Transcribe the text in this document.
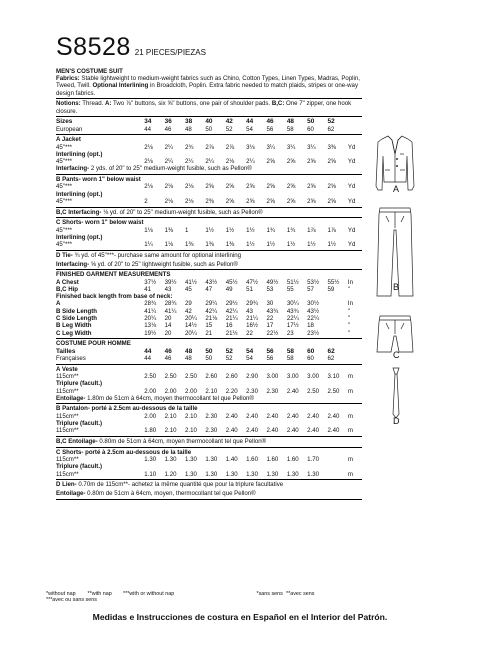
S8528 21 PIECES/PIEZAS
MEN'S COSTUME SUIT
Fabrics: Stable lightweight to medium-weight fabrics such as Chino, Cotton Types, Linen Types, Madras, Poplin, Tweed, Twill. Optional Interlining in Broadcloth, Poplin. Extra fabric needed to match plaids, stripes or one-way design fabrics.
Notions: Thread. A: Two ⅞" buttons, six ⅝" buttons, one pair of shoulder pads. B,C: One 7" zipper, one hook closure.
Sizes	34	36	38	40	42	44	46	48	50	52	
European	44	46	48	50	52	54	56	58	60	62	
A Jacket
45"***	2⅛	2¼	2¾	2⅞	2⅞	3⅛	3¼	3¼	3¼	3⅜	Yd
Interlining (opt.)											
45"***	2⅛	2¼	2¼	2¼	2⅛	2¼	2⅝	2⅝	2⅝	2⅝	Yd
Interfacing- 2 yds. of 20" to 25" medium-weight fusible, such as Pellon®
B Pants- worn 1" below waist
45"***	2⅛	2⅛	2⅛	2⅝	2⅝	2⅝	2⅝	2⅝	2⅝	2⅝	Yd
Interlining (opt.)											
45"***	2	2⅛	2⅛	2⅜	2⅝	2⅝	2⅝	2⅝	2⅝	2⅝	Yd
B,C Interfacing- ⅛ yd. of 20" to 25" medium-weight fusible, such as Pellon®
C Shorts- worn 1" below waist
45"***	1⅛	1⅜	1	1½	1½	1½	1¾	1¾	1⅞	1⅞	Yd
Interlining (opt.)											
45"***	1¼	1⅛	1⅜	1⅜	1⅜	1½	1½	1½	1½	1½	Yd
D Tie- ¾ yd. of 45"***- purchase same amount for optional interlining
Interfacing- ⅝ yd. of 20" to 25" lightweight fusible, such as Pellon®
FINISHED GARMENT MEASUREMENTS
A Chest	37½	39½	41½	43½	45½	47½	49½	51½	53½	55½	In
B,C Hip	41	43	45	47	49	51	53	55	57	59	"
Finished back length from base of neck:
A	28¾	28¾	29	29¼	29½	29¾	30	30¼	30½		In
B Side Length	41¼	41¼	42	42¼	42¼	43	43¾	43¾	43½		"
C Side Length	20¼	20	20¼	21⅛	21¼	21¼	22	22¼	22¼		"
B Leg Width	13⅛	14	14½	15	16	16½	17	17½	18		"
C Leg Width	19½	20	20¼	21	21½	22	22½	23	23½		"
COSTUME POUR HOMME
Tailles	44	46	48	50	52	54	56	58	60	62	
Françaises	44	46	48	50	52	54	56	58	60	62	
A Veste
115cm**	2.50	2.50	2.50	2.60	2.60	2.90	3.00	3.00	3.00	3.10	m
Triplure (facult.)											
115cm**	2.00	2.00	2.00	2.10	2.20	2.30	2.30	2.40	2.50	2.50	m
Entoilage- 1.80m de 51cm à 64cm, moyen thermocollant tel que Pellon®
B Pantalon- porté à 2.5cm au-dessous de la taille
115cm**	2.00	2.10	2.10	2.30	2.40	2.40	2.40	2.40	2.40	2.40	m
Triplure (facult.)											
115cm**	1.80	2.10	2.10	2.30	2.40	2.40	2.40	2.40	2.40	2.40	m
B,C Entoilage- 0.80m de 51cm à 64cm, moyen thermocollant tel que Pellon®
C Shorts- porté à 2.5cm au-dessous de la taille
115cm**	1.30	1.30	1.30	1.30	1.40	1.60	1.60	1.60	1.70		m
Triplure (facult.)											
115cm**	1.10	1.20	1.30	1.30	1.30	1.30	1.30	1.30	1.30		m
D Lien- 0.70m de 115cm**- achetez la même quantité que pour la triplure facultative
Entoilage- 0.80m de 51cm à 64cm, moyen, thermocollant tel que Pellon®
*without nap **with nap ***with or without nap	*sans sens **avec sens ***avec ou sans sens
Medidas e Instrucciones de costura en Español en el Interior del Patrón.
A
B
C
D
